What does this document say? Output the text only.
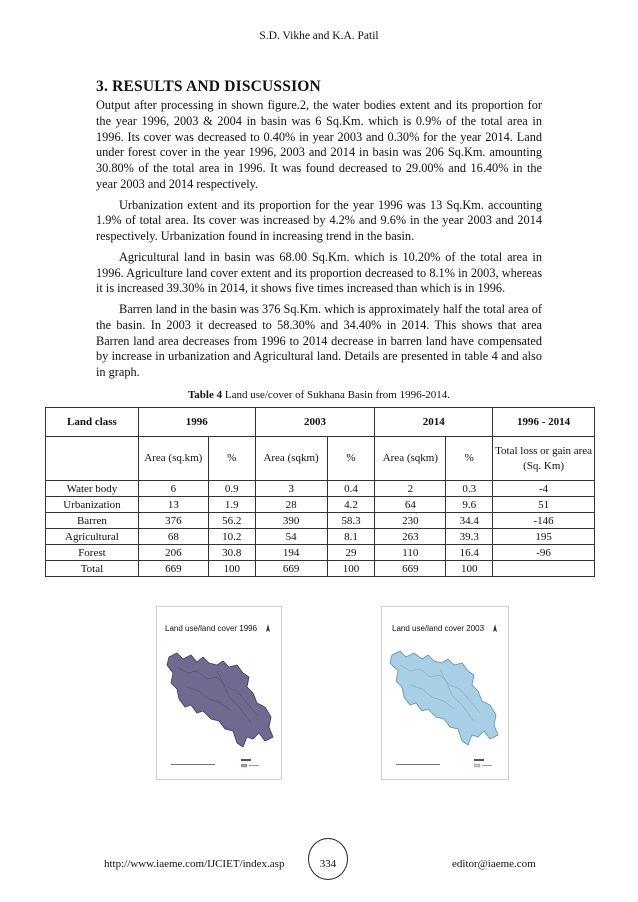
S.D. Vikhe and K.A. Patil
3. RESULTS AND DISCUSSION

Output after processing in shown figure.2, the water bodies extent and its proportion for the year 1996, 2003 & 2004 in basin was 6 Sq.Km. which is 0.9% of the total area in 1996. Its cover was decreased to 0.40% in year 2003 and 0.30% for the year 2014. Land under forest cover in the year 1996, 2003 and 2014 in basin was 206 Sq.Km. amounting 30.80% of the total area in 1996. It was found decreased to 29.00% and 16.40% in the year 2003 and 2014 respectively.

Urbanization extent and its proportion for the year 1996 was 13 Sq.Km. accounting 1.9% of total area. Its cover was increased by 4.2% and 9.6% in the year 2003 and 2014 respectively. Urbanization found in increasing trend in the basin.

Agricultural land in basin was 68.00 Sq.Km. which is 10.20% of the total area in 1996. Agriculture land cover extent and its proportion decreased to 8.1% in 2003, whereas it is increased 39.30% in 2014, it shows five times increased than which is in 1996.

Barren land in the basin was 376 Sq.Km. which is approximately half the total area of the basin. In 2003 it decreased to 58.30% and 34.40% in 2014. This shows that area Barren land area decreases from 1996 to 2014 decrease in barren land have compensated by increase in urbanization and Agricultural land. Details are presented in table 4 and also in graph.

Table 4 Land use/cover of Sukhana Basin from 1996-2014.
Land class	1996		2003		2014		1996 - 2014
	Area (sq.km)	%	Area (sqkm)	%	Area (sqkm)	%	Total loss or gain area (Sq. Km)
Water body	6	0.9	3	0.4	2	0.3	-4
Urbanization	13	1.9	28	4.2	64	9.6	51
Barren	376	56.2	390	58.3	230	34.4	-146
Agricultural	68	10.2	54	8.1	263	39.3	195
Forest	206	30.8	194	29	110	16.4	-96
Total	669	100	669	100	669	100	
Land use/land cover 1996	Land use/land cover 2003
http://www.iaeme.com/IJCIET/index.asp	334	editor@iaeme.com
